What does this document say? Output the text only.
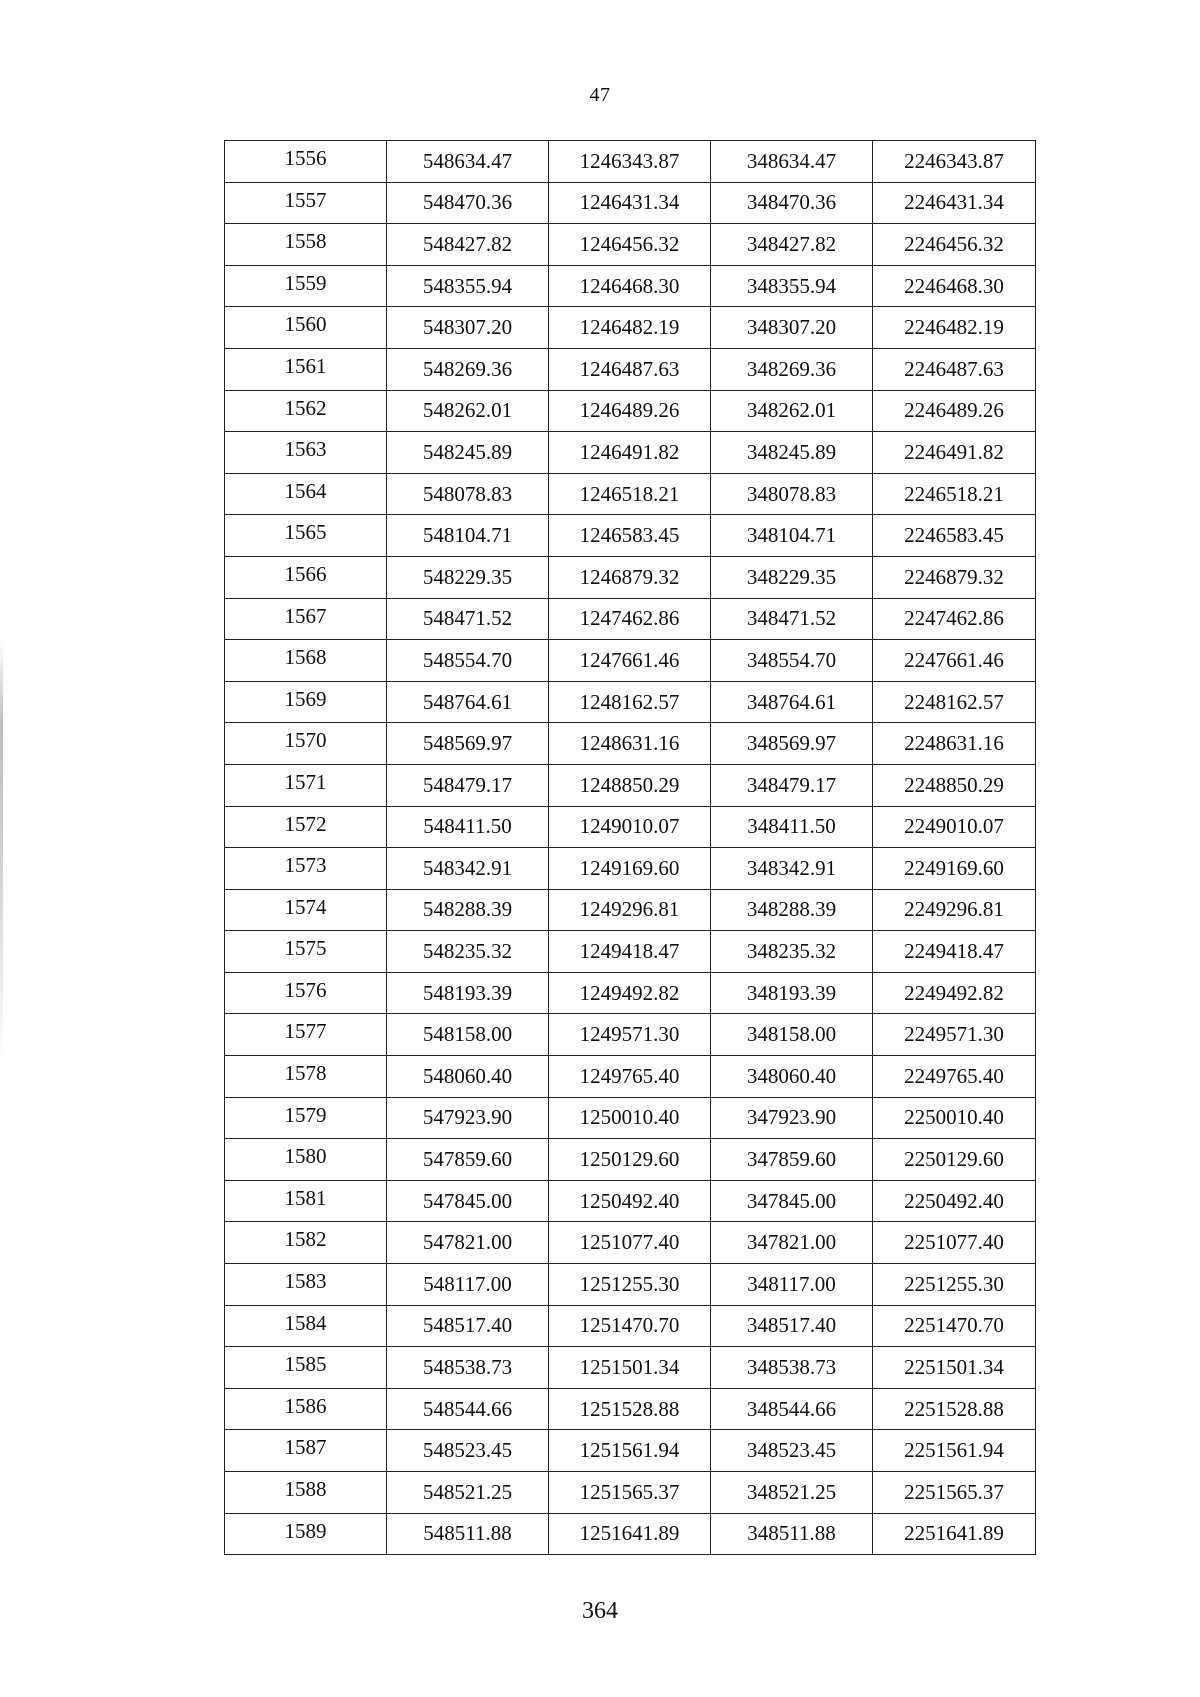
47
1556	548634.47	1246343.87	348634.47	2246343.87
1557	548470.36	1246431.34	348470.36	2246431.34
1558	548427.82	1246456.32	348427.82	2246456.32
1559	548355.94	1246468.30	348355.94	2246468.30
1560	548307.20	1246482.19	348307.20	2246482.19
1561	548269.36	1246487.63	348269.36	2246487.63
1562	548262.01	1246489.26	348262.01	2246489.26
1563	548245.89	1246491.82	348245.89	2246491.82
1564	548078.83	1246518.21	348078.83	2246518.21
1565	548104.71	1246583.45	348104.71	2246583.45
1566	548229.35	1246879.32	348229.35	2246879.32
1567	548471.52	1247462.86	348471.52	2247462.86
1568	548554.70	1247661.46	348554.70	2247661.46
1569	548764.61	1248162.57	348764.61	2248162.57
1570	548569.97	1248631.16	348569.97	2248631.16
1571	548479.17	1248850.29	348479.17	2248850.29
1572	548411.50	1249010.07	348411.50	2249010.07
1573	548342.91	1249169.60	348342.91	2249169.60
1574	548288.39	1249296.81	348288.39	2249296.81
1575	548235.32	1249418.47	348235.32	2249418.47
1576	548193.39	1249492.82	348193.39	2249492.82
1577	548158.00	1249571.30	348158.00	2249571.30
1578	548060.40	1249765.40	348060.40	2249765.40
1579	547923.90	1250010.40	347923.90	2250010.40
1580	547859.60	1250129.60	347859.60	2250129.60
1581	547845.00	1250492.40	347845.00	2250492.40
1582	547821.00	1251077.40	347821.00	2251077.40
1583	548117.00	1251255.30	348117.00	2251255.30
1584	548517.40	1251470.70	348517.40	2251470.70
1585	548538.73	1251501.34	348538.73	2251501.34
1586	548544.66	1251528.88	348544.66	2251528.88
1587	548523.45	1251561.94	348523.45	2251561.94
1588	548521.25	1251565.37	348521.25	2251565.37
1589	548511.88	1251641.89	348511.88	2251641.89
364
